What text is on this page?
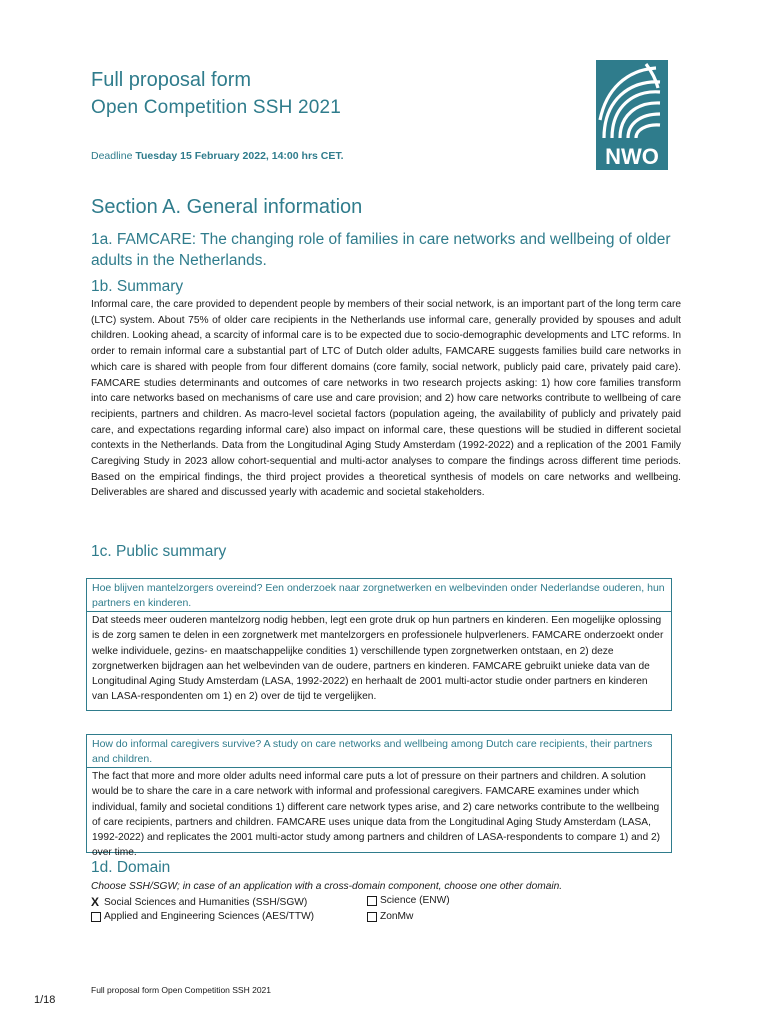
Full proposal form
Open Competition SSH 2021
Deadline Tuesday 15 February 2022, 14:00 hrs CET.	NWO
Section A. General information
1a. FAMCARE: The changing role of families in care networks and wellbeing of older adults in the Netherlands.
1b. Summary
Informal care, the care provided to dependent people by members of their social network, is an important part of the long term care (LTC) system. About 75% of older care recipients in the Netherlands use informal care, generally provided by spouses and adult children. Looking ahead, a scarcity of informal care is to be expected due to socio-demographic developments and LTC reforms. In order to remain informal care a substantial part of LTC of Dutch older adults, FAMCARE suggests families build care networks in which care is shared with people from four different domains (core family, social network, publicly paid care, privately paid care). FAMCARE studies determinants and outcomes of care networks in two research projects asking: 1) how core families transform into care networks based on mechanisms of care use and care provision; and 2) how care networks contribute to wellbeing of care recipients, partners and children. As macro-level societal factors (population ageing, the availability of publicly and privately paid care, and expectations regarding informal care) also impact on informal care, these questions will be studied in different societal contexts in the Netherlands. Data from the Longitudinal Aging Study Amsterdam (1992-2022) and a replication of the 2001 Family Caregiving Study in 2023 allow cohort-sequential and multi-actor analyses to compare the findings across different time periods. Based on the empirical findings, the third project provides a theoretical synthesis of models on care networks and wellbeing. Deliverables are shared and discussed yearly with academic and societal stakeholders.
1c. Public summary
Hoe blijven mantelzorgers overeind? Een onderzoek naar zorgnetwerken en welbevinden onder Nederlandse ouderen, hun partners en kinderen.
Dat steeds meer ouderen mantelzorg nodig hebben, legt een grote druk op hun partners en kinderen. Een mogelijke oplossing is de zorg samen te delen in een zorgnetwerk met mantelzorgers en professionele hulpverleners. FAMCARE onderzoekt onder welke individuele, gezins- en maatschappelijke condities 1) verschillende typen zorgnetwerken ontstaan, en 2) deze zorgnetwerken bijdragen aan het welbevinden van de oudere, partners en kinderen. FAMCARE gebruikt unieke data van de Longitudinal Aging Study Amsterdam (LASA, 1992-2022) en herhaalt de 2001 multi-actor studie onder partners en kinderen van LASA-respondenten om 1) en 2) over de tijd te vergelijken.
How do informal caregivers survive? A study on care networks and wellbeing among Dutch care recipients, their partners and children.
The fact that more and more older adults need informal care puts a lot of pressure on their partners and children. A solution would be to share the care in a care network with informal and professional caregivers. FAMCARE examines under which individual, family and societal conditions 1) different care network types arise, and 2) care networks contribute to the wellbeing of care recipients, partners and children. FAMCARE uses unique data from the Longitudinal Aging Study Amsterdam (LASA, 1992-2022) and replicates the 2001 multi-actor study among partners and children of LASA-respondents to compare 1) and 2) over time.
1d. Domain
Choose SSH/SGW; in case of an application with a cross-domain component, choose one other domain.
X Social Sciences and Humanities (SSH/SGW)	Science (ENW)
Applied and Engineering Sciences (AES/TTW)	ZonMw
Full proposal form Open Competition SSH 2021
1/18
